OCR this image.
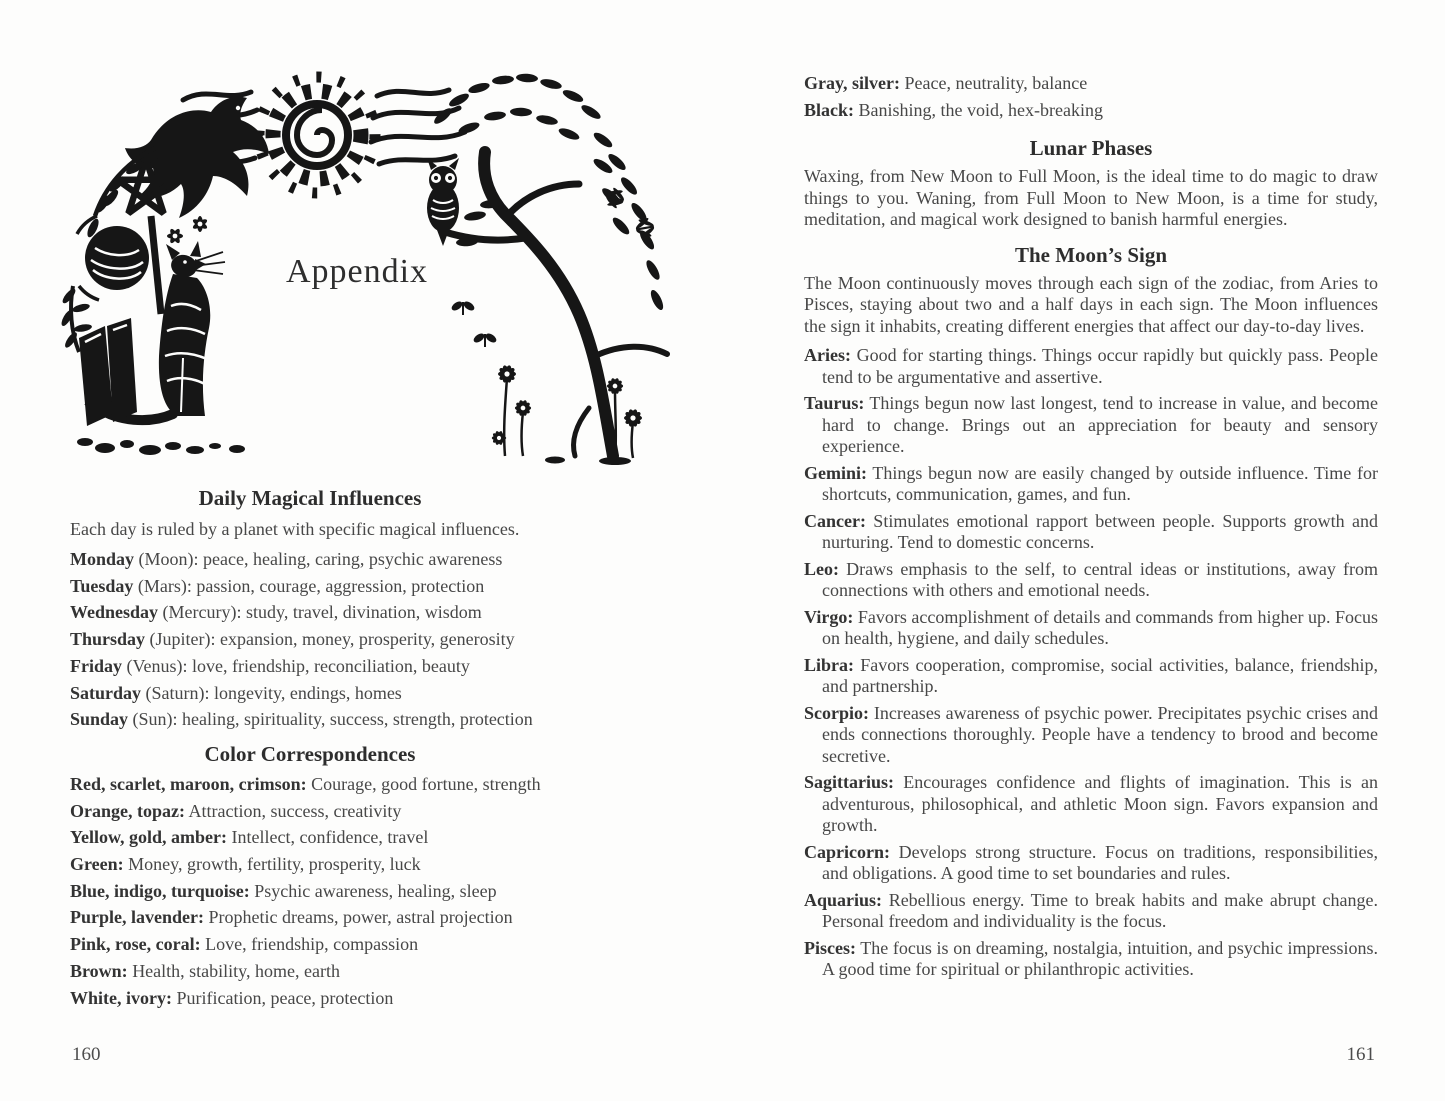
Appendix
Daily Magical Influences

Each day is ruled by a planet with specific magical influences.

Monday (Moon): peace, healing, caring, psychic awareness

Tuesday (Mars): passion, courage, aggression, protection

Wednesday (Mercury): study, travel, divination, wisdom

Thursday (Jupiter): expansion, money, prosperity, generosity

Friday (Venus): love, friendship, reconciliation, beauty

Saturday (Saturn): longevity, endings, homes

Sunday (Sun): healing, spirituality, success, strength, protection

Color Correspondences

Red, scarlet, maroon, crimson: Courage, good fortune, strength

Orange, topaz: Attraction, success, creativity

Yellow, gold, amber: Intellect, confidence, travel

Green: Money, growth, fertility, prosperity, luck

Blue, indigo, turquoise: Psychic awareness, healing, sleep

Purple, lavender: Prophetic dreams, power, astral projection

Pink, rose, coral: Love, friendship, compassion

Brown: Health, stability, home, earth

White, ivory: Purification, peace, protection

160

Gray, silver: Peace, neutrality, balance

Black: Banishing, the void, hex-breaking

Lunar Phases

Waxing, from New Moon to Full Moon, is the ideal time to do magic to draw things to you. Waning, from Full Moon to New Moon, is a time for study, meditation, and magical work designed to banish harmful energies.

The Moon’s Sign

The Moon continuously moves through each sign of the zodiac, from Aries to Pisces, staying about two and a half days in each sign. The Moon influences the sign it inhabits, creating different energies that affect our day-to-day lives.

Aries: Good for starting things. Things occur rapidly but quickly pass. People tend to be argumentative and assertive.

Taurus: Things begun now last longest, tend to increase in value, and become hard to change. Brings out an appreciation for beauty and sensory experience.

Gemini: Things begun now are easily changed by outside influence. Time for shortcuts, communication, games, and fun.

Cancer: Stimulates emotional rapport between people. Supports growth and nurturing. Tend to domestic concerns.

Leo: Draws emphasis to the self, to central ideas or institutions, away from connections with others and emotional needs.

Virgo: Favors accomplishment of details and commands from higher up. Focus on health, hygiene, and daily schedules.

Libra: Favors cooperation, compromise, social activities, balance, friendship, and partnership.

Scorpio: Increases awareness of psychic power. Precipitates psychic crises and ends connections thoroughly. People have a tendency to brood and become secretive.

Sagittarius: Encourages confidence and flights of imagination. This is an adventurous, philosophical, and athletic Moon sign. Favors expansion and growth.

Capricorn: Develops strong structure. Focus on traditions, responsibilities, and obligations. A good time to set boundaries and rules.

Aquarius: Rebellious energy. Time to break habits and make abrupt change. Personal freedom and individuality is the focus.

Pisces: The focus is on dreaming, nostalgia, intuition, and psychic impressions. A good time for spiritual or philanthropic activities.

161
